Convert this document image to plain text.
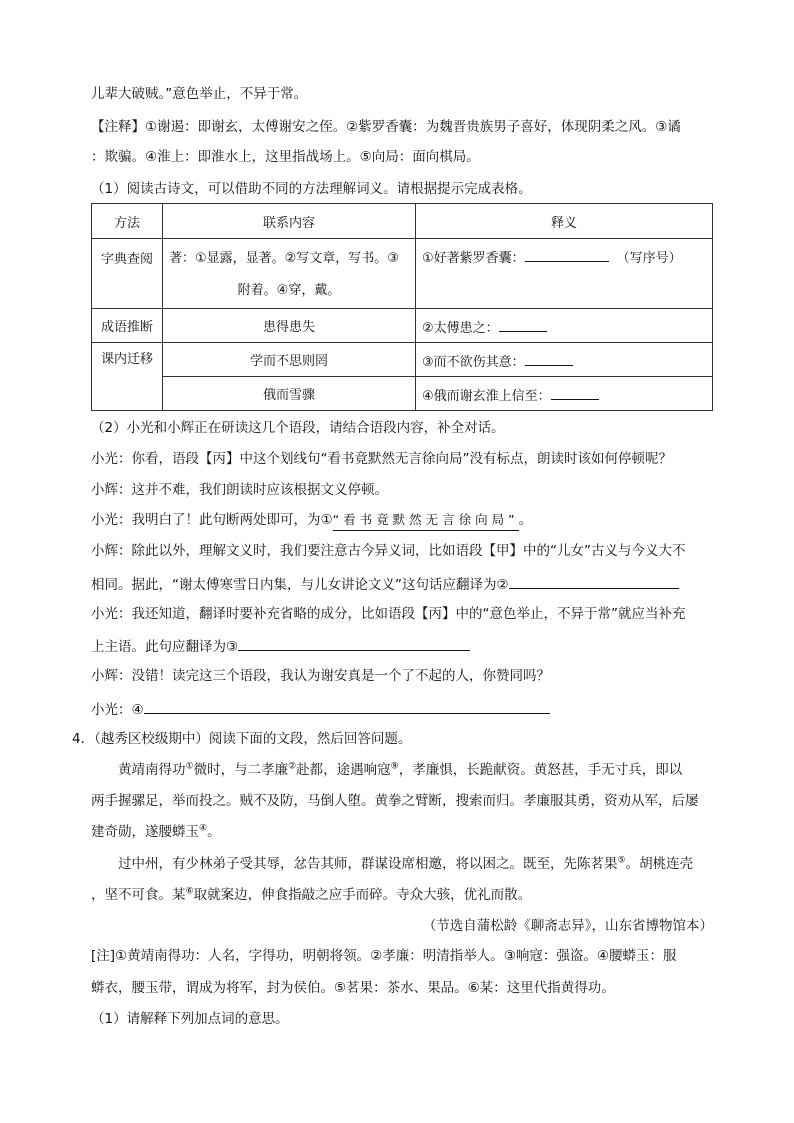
儿辈大破贼。”意色举止，不异于常。
【注释】①谢遏：即谢玄，太傅谢安之侄。②紫罗香囊：为魏晋贵族男子喜好，体现阴柔之风。③谲
：欺骗。④淮上：即淮水上，这里指战场上。⑤向局：面向棋局。
（1）阅读古诗文，可以借助不同的方法理解词义。请根据提示完成表格。
方法	联系内容	释义
字典查阅	著：①显露，显著。②写文章，写书。③
附着。④穿，戴。	①好著紫罗香囊： （写序号）
成语推断	患得患失	②太傅患之：
课内迁移	学而不思则罔	③而不欲伤其意：
	俄而雪骤	④俄而谢玄淮上信至：
（2）小光和小辉正在研读这几个语段，请结合语段内容，补全对话。
小光：你看，语段【丙】中这个划线句“看书竟默然无言徐向局”没有标点，朗读时该如何停顿呢？
小辉：这并不难，我们朗读时应该根据文义停顿。
小光：我明白了！此句断两处即可，为①“看书竟默然无言徐向局”。
小辉：除此以外，理解文义时，我们要注意古今异义词，比如语段【甲】中的“儿女”古义与今义大不
相同。据此，“谢太傅寒雪日内集，与儿女讲论文义”这句话应翻译为②
小光：我还知道，翻译时要补充省略的成分，比如语段【丙】中的“意色举止，不异于常”就应当补充
上主语。此句应翻译为③
小辉：没错！读完这三个语段，我认为谢安真是一个了不起的人，你赞同吗？
小光：④
4．（越秀区校级期中）阅读下面的文段，然后回答问题。
黄靖南得功①微时，与二孝廉②赴都，途遇响寇⑨，孝廉惧，长跪献资。黄怒甚，手无寸兵，即以
两手握骡足，举而投之。贼不及防，马倒人堕。黄拳之臂断，搜索而归。孝廉服其勇，资劝从军，后屡
建奇勋，遂腰蟒玉④。
过中州，有少林弟子受其辱，忿告其师，群谋设席相邀，将以困之。既至，先陈茗果⑤。胡桃连壳
，坚不可食。某⑥取就案边，伸食指敲之应手而碎。寺众大骇，优礼而散。
（节选自蒲松龄《聊斋志异》，山东省博物馆本）
[注]①黄靖南得功：人名，字得功，明朝将领。②孝廉：明清指举人。③响寇：强盗。④腰蟒玉：服
蟒衣，腰玉带，谓成为将军，封为侯伯。⑤茗果：茶水、果品。⑥某：这里代指黄得功。
（1）请解释下列加点词的意思。
